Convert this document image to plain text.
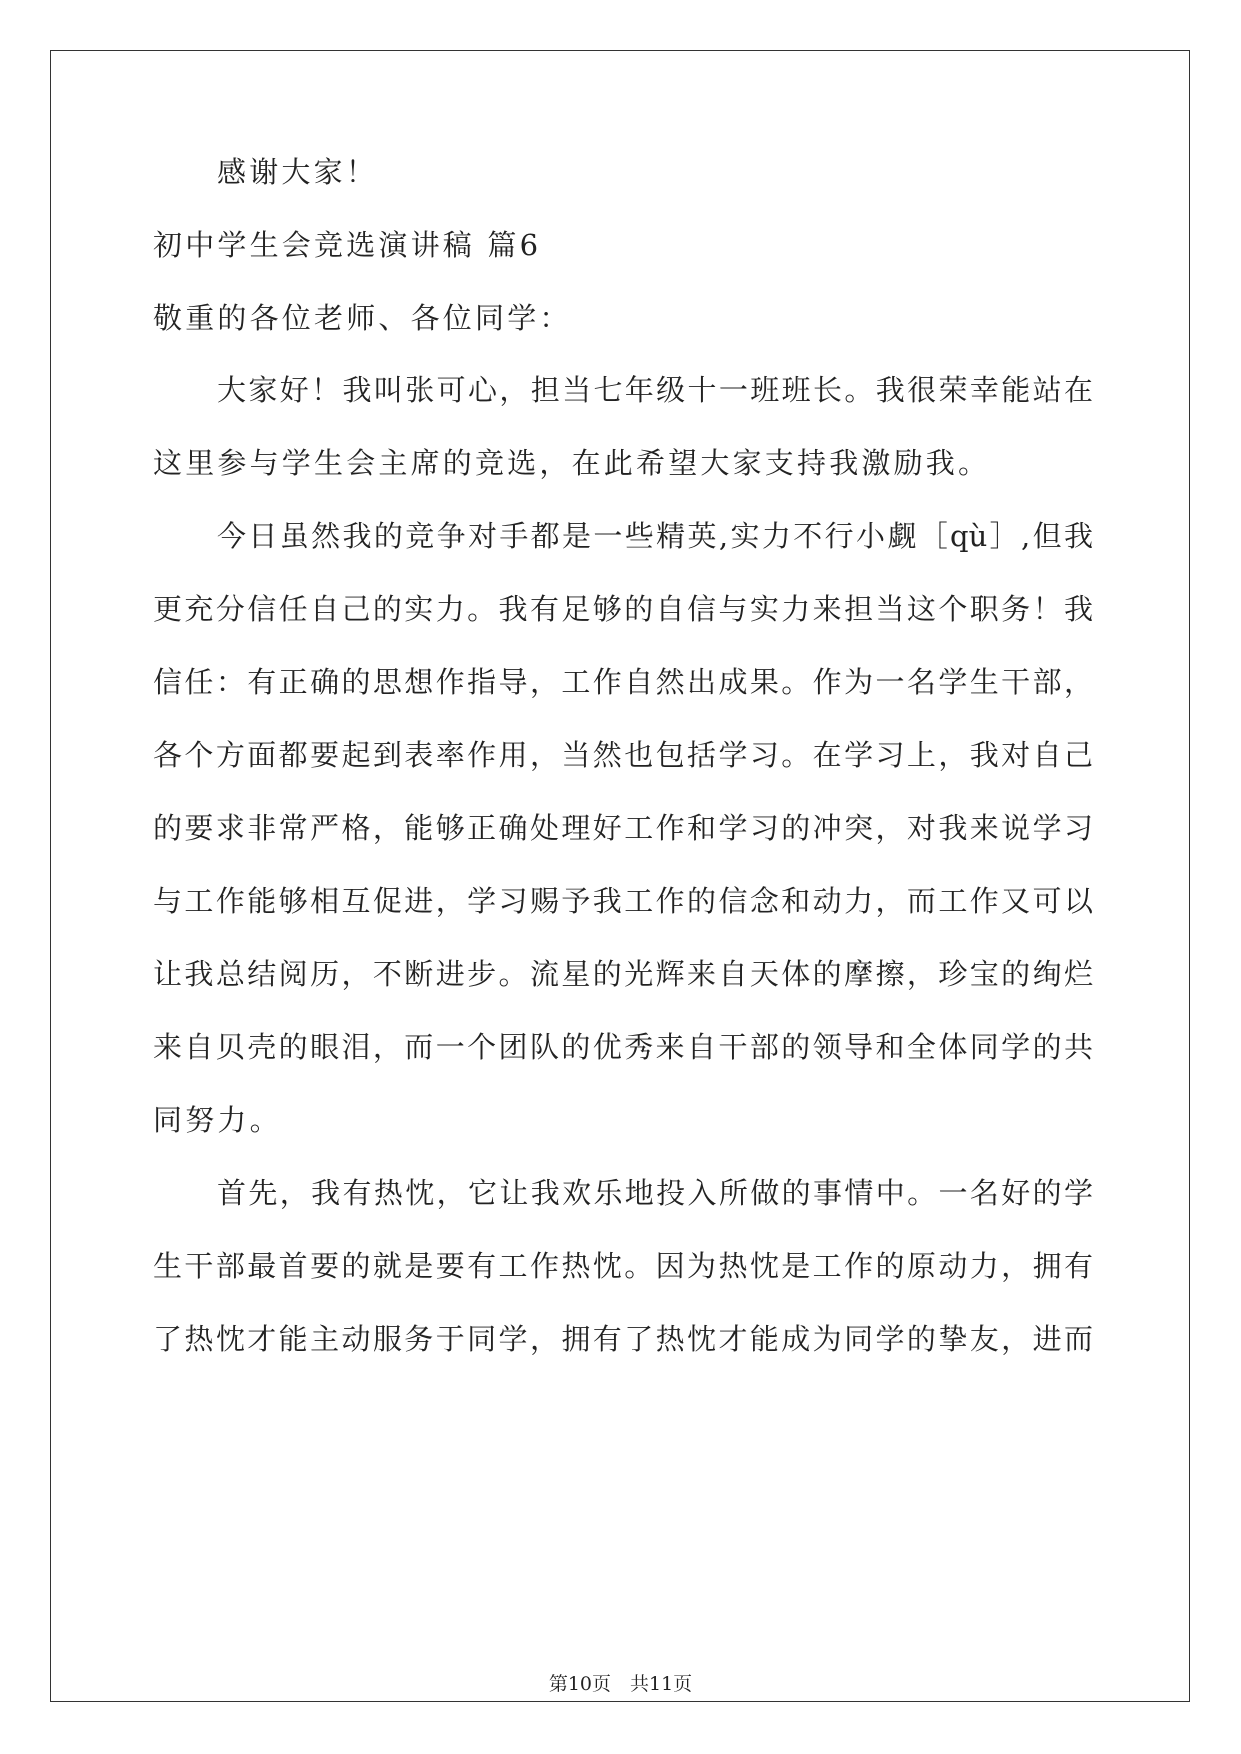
感谢大家！
初中学生会竞选演讲稿 篇6
敬重的各位老师、各位同学：
大家好！我叫张可心，担当七年级十一班班长。我很荣幸能站在
这里参与学生会主席的竞选，在此希望大家支持我激励我。
今日虽然我的竞争对手都是一些精英,实力不行小觑［qù］,但我
更充分信任自己的实力。我有足够的自信与实力来担当这个职务！我
信任：有正确的思想作指导，工作自然出成果。作为一名学生干部，
各个方面都要起到表率作用，当然也包括学习。在学习上，我对自己
的要求非常严格，能够正确处理好工作和学习的冲突，对我来说学习
与工作能够相互促进，学习赐予我工作的信念和动力，而工作又可以
让我总结阅历，不断进步。流星的光辉来自天体的摩擦，珍宝的绚烂
来自贝壳的眼泪，而一个团队的优秀来自干部的领导和全体同学的共
同努力。
首先，我有热忱，它让我欢乐地投入所做的事情中。一名好的学
生干部最首要的就是要有工作热忱。因为热忱是工作的原动力，拥有
了热忱才能主动服务于同学，拥有了热忱才能成为同学的挚友，进而
第10页　共11页
